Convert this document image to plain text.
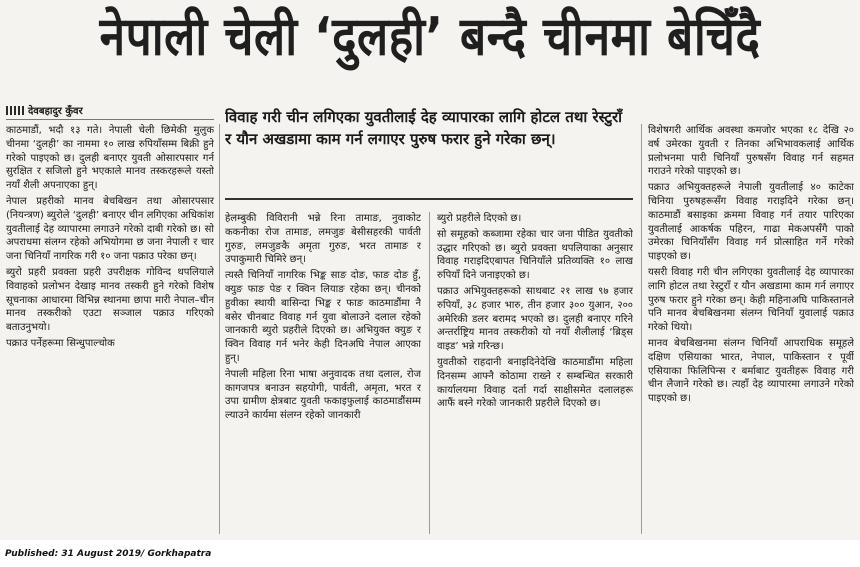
नेपाली चेली ‘दुलही’ बन्दै चीनमा बेचिँदै
देवबहादुर कुँवर	विवाह गरी चीन लगिएका युवतीलाई देह व्यापारका लागि होटल तथा रेस्टुराँ र यौन अखडामा काम गर्न लगाएर पुरुष फरार हुने गरेका छन्।

काठमाडौं, भदौ १३ गते। नेपाली चेली छिमेकी मुलुक चीनमा ‘दुलही’ का नाममा १० लाख रुपियाँसम्म बिक्री हुने गरेको पाइएको छ। दुलही बनाएर युवती ओसारपसार गर्न सुरक्षित र सजिलो हुने भएकाले मानव तस्करहरूले यस्तो नयाँ शैली अपनाएका हुन्।

नेपाल प्रहरीको मानव बेचबिखन तथा ओसारपसार (नियन्त्रण) ब्युरोले ‘दुलही’ बनाएर चीन लगिएका अधिकांश युवतीलाई देह व्यापारमा लगाउने गरेको दाबी गरेको छ। सो अपराधमा संलग्न रहेको अभियोगमा छ जना नेपाली र चार जना चिनियाँ नागरिक गरी १० जना पक्राउ परेका छन्।

ब्युरो प्रहरी प्रवक्ता प्रहरी उपरीक्षक गोविन्द थपलियाले विवाहको प्रलोभन देखाइ मानव तस्करी हुने गरेको विशेष सूचनाका आधारमा विभिन्न स्थानमा छापा मारी नेपाल–चीन मानव तस्करीको एउटा सञ्जाल पक्राउ गरिएको बताउनुभयो।

पक्राउ पर्नेहरूमा सिन्धुपाल्चोक

हेलम्बुकी विविरानी भन्ने रिना तामाङ, नुवाकोट ककनीका रोज तामाङ, लमजुङ बेसीसहरकी पार्वती गुरुङ, लमजुङकै अमृता गुरुङ, भरत तामाङ र उपाकुमारी चिमिरे छन्।

त्यस्तै चिनियाँ नागरिक भिङ्क साङ दोङ, फाङ दोङ हुँ, क्युङ फाङ पेङ र क्विन लियाङ रहेका छन्। चीनको हुवीका स्थायी बासिन्दा भिङ्क र फाङ काठमाडौंमा नै बसेर चीनबाट विवाह गर्न युवा बोलाउने दलाल रहेको जानकारी ब्युरो प्रहरीले दिएको छ। अभियुक्त क्युङ र क्विन विवाह गर्न भनेर केही दिनअघि नेपाल आएका हुन्।

नेपाली महिला रिना भाषा अनुवादक तथा दलाल, रोज कागजपत्र बनाउन सहयोगी, पार्वती, अमृता, भरत र उपा ग्रामीण क्षेत्रबाट युवती फकाइफुलाई काठमाडौंसम्म ल्याउने कार्यमा संलग्न रहेको जानकारी

ब्युरो प्रहरीले दिएको छ।

सो समूहको कब्जामा रहेका चार जना पीडित युवतीको उद्धार गरिएको छ। ब्युरो प्रवक्ता थपलियाका अनुसार विवाह गराइदिएबापत चिनियाँले प्रतिव्यक्ति १० लाख रुपियाँ दिने जनाइएको छ।

पक्राउ अभियुक्तहरूको साथबाट २१ लाख ९७ हजार रुपियाँ, ३८ हजार भारु, तीन हजार ३०० युआन, २०० अमेरिकी डलर बरामद भएको छ। दुलही बनाएर गरिने अन्तर्राष्ट्रिय मानव तस्करीको यो नयाँ शैलीलाई ‘ब्रिड्स वाइड’ भन्ने गरिन्छ।

युवतीको राहदानी बनाइदिनेदेखि काठमाडौंमा महिला दिनसम्म आफ्नै कोठामा राख्ने र सम्बन्धित सरकारी कार्यालयमा विवाह दर्ता गर्दा साक्षीसमेत दलालहरू आफैं बस्ने गरेको जानकारी प्रहरीले दिएको छ।

विशेषगरी आर्थिक अवस्था कमजोर भएका १८ देखि २० वर्ष उमेरका युवती र तिनका अभिभावकलाई आर्थिक प्रलोभनमा पारी चिनियाँ पुरुषसँग विवाह गर्न सहमत गराउने गरेको पाइएको छ।

पक्राउ अभियुक्तहरूले नेपाली युवतीलाई ४० काटेका चिनिया पुरुषहरूसँग विवाह गराइदिने गरेका छन्। काठमाडौं बसाइका क्रममा विवाह गर्न तयार पारिएका युवतीलाई आकर्षक पहिरन, गाढा मेकअपसँगै पाको उमेरका चिनियाँसँग विवाह गर्न प्रोत्साहित गर्ने गरेको पाइएको छ।

यसरी विवाह गरी चीन लगिएका युवतीलाई देह व्यापारका लागि होटल तथा रेस्टुराँ र यौन अखडामा काम गर्न लगाएर पुरुष फरार हुने गरेका छन्। केही महिनाअघि पाकिस्तानले पनि मानव बेचबिखनमा संलग्न चिनियाँ युवालाई पक्राउ गरेको थियो।

मानव बेचबिखनमा संलग्न चिनियाँ आपराधिक समूहले दक्षिण एसियाका भारत, नेपाल, पाकिस्तान र पूर्वी एसियाका फिलिपिन्स र बर्माबाट युवतीहरू विवाह गरी चीन लैजाने गरेको छ। त्यहाँ देह व्यापारमा लगाउने गरेको पाइएको छ।

Published: 31 August 2019/ Gorkhapatra
